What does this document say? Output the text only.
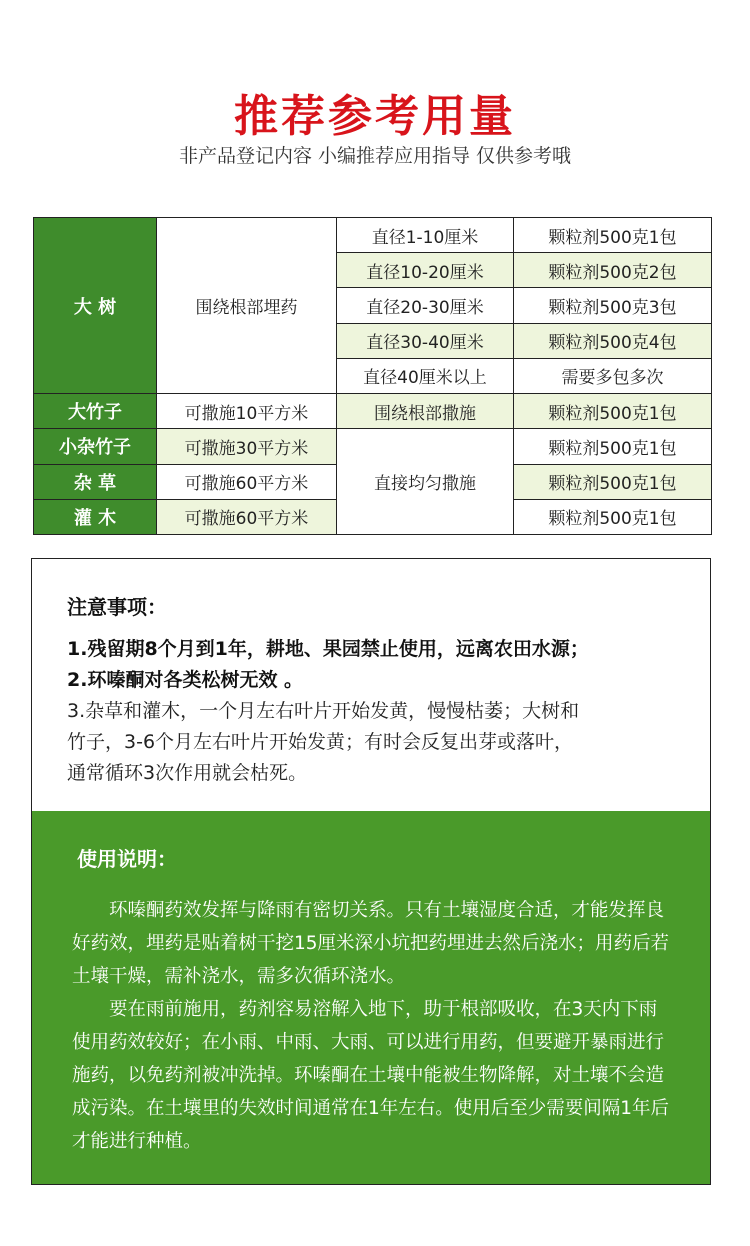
推荐参考用量
非产品登记内容 小编推荐应用指导 仅供参考哦
大 树	围绕根部埋药	直径1-10厘米	颗粒剂500克1包
		直径10-20厘米	颗粒剂500克2包
		直径20-30厘米	颗粒剂500克3包
		直径30-40厘米	颗粒剂500克4包
		直径40厘米以上	需要多包多次
大竹子	可撒施10平方米	围绕根部撒施	颗粒剂500克1包
小杂竹子	可撒施30平方米	直接均匀撒施	颗粒剂500克1包
杂 草	可撒施60平方米		颗粒剂500克1包
灌 木	可撒施60平方米		颗粒剂500克1包
注意事项：
1.残留期8个月到1年，耕地、果园禁止使用，远离农田水源；
2.环嗪酮对各类松树无效 。
3.杂草和灌木，一个月左右叶片开始发黄，慢慢枯萎；大树和
竹子，3-6个月左右叶片开始发黄；有时会反复出芽或落叶，
通常循环3次作用就会枯死。
使用说明：

环嗪酮药效发挥与降雨有密切关系。只有土壤湿度合适，才能发挥良好药效，埋药是贴着树干挖15厘米深小坑把药埋进去然后浇水；用药后若土壤干燥，需补浇水，需多次循环浇水。

要在雨前施用，药剂容易溶解入地下，助于根部吸收，在3天内下雨使用药效较好；在小雨、中雨、大雨、可以进行用药，但要避开暴雨进行施药，以免药剂被冲洗掉。环嗪酮在土壤中能被生物降解，对土壤不会造成污染。在土壤里的失效时间通常在1年左右。使用后至少需要间隔1年后才能进行种植。
